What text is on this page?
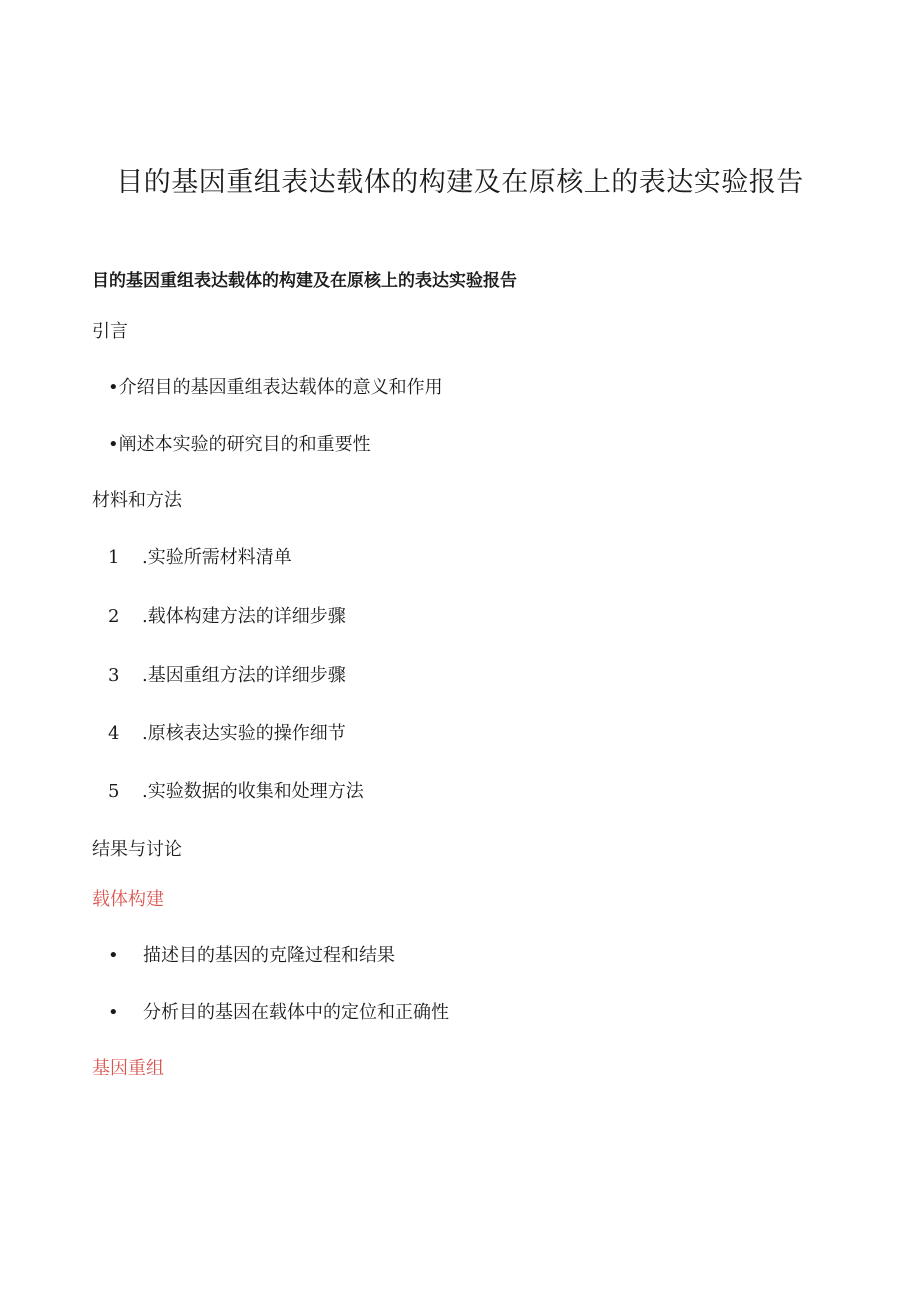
目的基因重组表达载体的构建及在原核上的表达实验报告

目的基因重组表达载体的构建及在原核上的表达实验报告

引言

•介绍目的基因重组表达载体的意义和作用

•阐述本实验的研究目的和重要性

材料和方法

1 .实验所需材料清单

2 .载体构建方法的详细步骤

3 .基因重组方法的详细步骤

4 .原核表达实验的操作细节

5 .实验数据的收集和处理方法

结果与讨论

载体构建

• 描述目的基因的克隆过程和结果

• 分析目的基因在载体中的定位和正确性

基因重组
